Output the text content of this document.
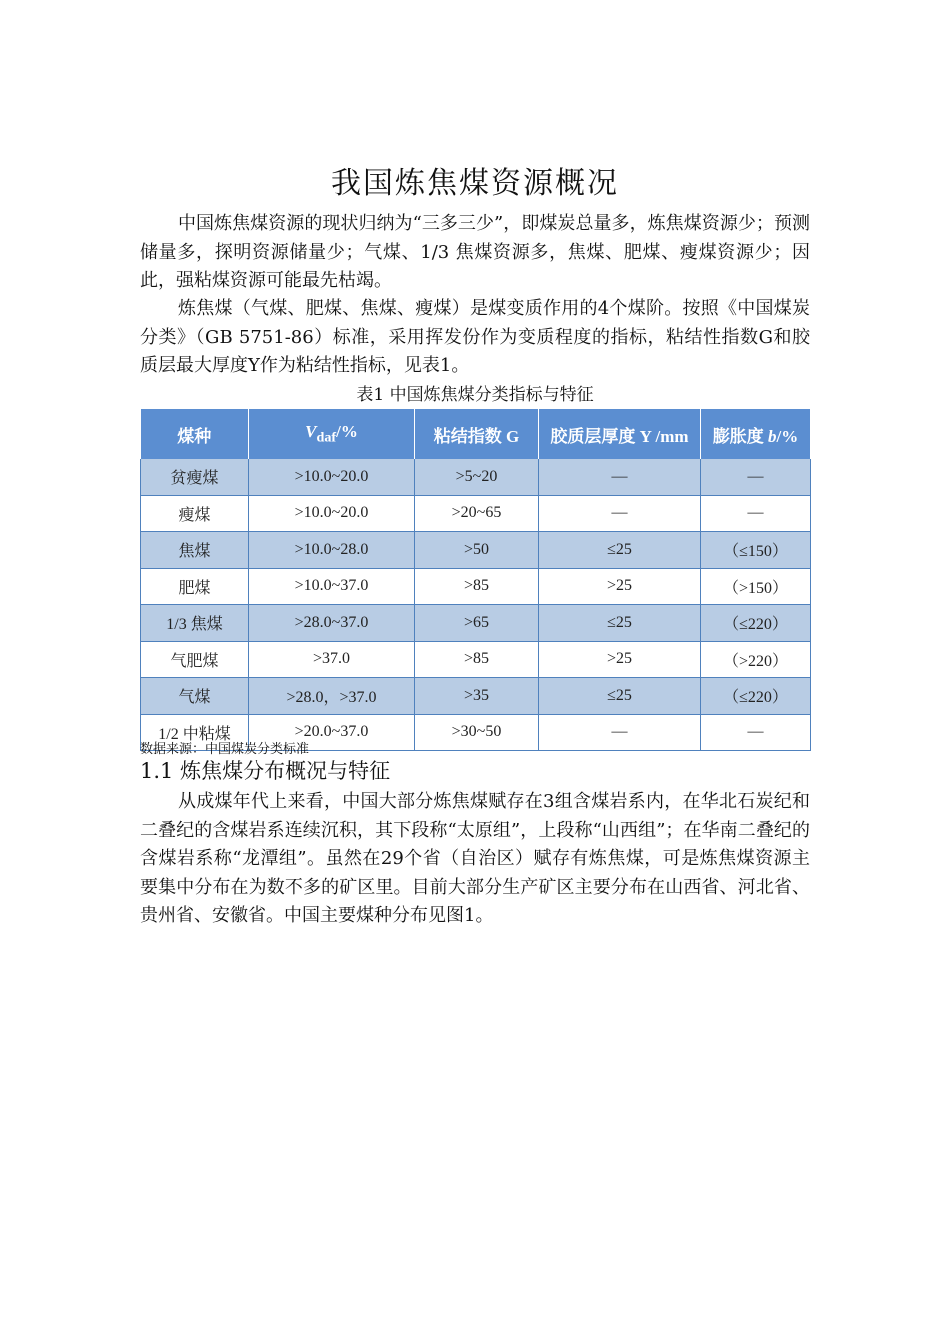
我国炼焦煤资源概况

中国炼焦煤资源的现状归纳为“三多三少”，即煤炭总量多，炼焦煤资源少；预测储量多，探明资源储量少；气煤、1/3 焦煤资源多，焦煤、肥煤、瘦煤资源少；因此，强粘煤资源可能最先枯竭。

炼焦煤（气煤、肥煤、焦煤、瘦煤）是煤变质作用的4个煤阶。按照《中国煤炭分类》（GB 5751-86）标准，采用挥发份作为变质程度的指标，粘结性指数G和胶质层最大厚度Y作为粘结性指标，见表1。

表1 中国炼焦煤分类指标与特征
煤种	$V_{daf}/\%$	粘结指数 G	胶质层厚度 Y /mm	膨胀度 b/%
贫瘦煤	>10.0~20.0	>5~20	—	—
瘦煤	>10.0~20.0	>20~65	—	—
焦煤	>10.0~28.0	>50	≤25	（≤150）
肥煤	>10.0~37.0	>85	>25	（>150）
1/3 焦煤	>28.0~37.0	>65	≤25	（≤220）
气肥煤	>37.0	>85	>25	（>220）
气煤	>28.0，>37.0	>35	≤25	（≤220）
1/2 中粘煤	>20.0~37.0	>30~50	—	—
数据来源：中国煤炭分类标准
1.1 炼焦煤分布概况与特征

从成煤年代上来看，中国大部分炼焦煤赋存在3组含煤岩系内，在华北石炭纪和二叠纪的含煤岩系连续沉积，其下段称“太原组”，上段称“山西组”；在华南二叠纪的含煤岩系称“龙潭组”。虽然在29个省（自治区）赋存有炼焦煤，可是炼焦煤资源主要集中分布在为数不多的矿区里。目前大部分生产矿区主要分布在山西省、河北省、贵州省、安徽省。中国主要煤种分布见图1。
